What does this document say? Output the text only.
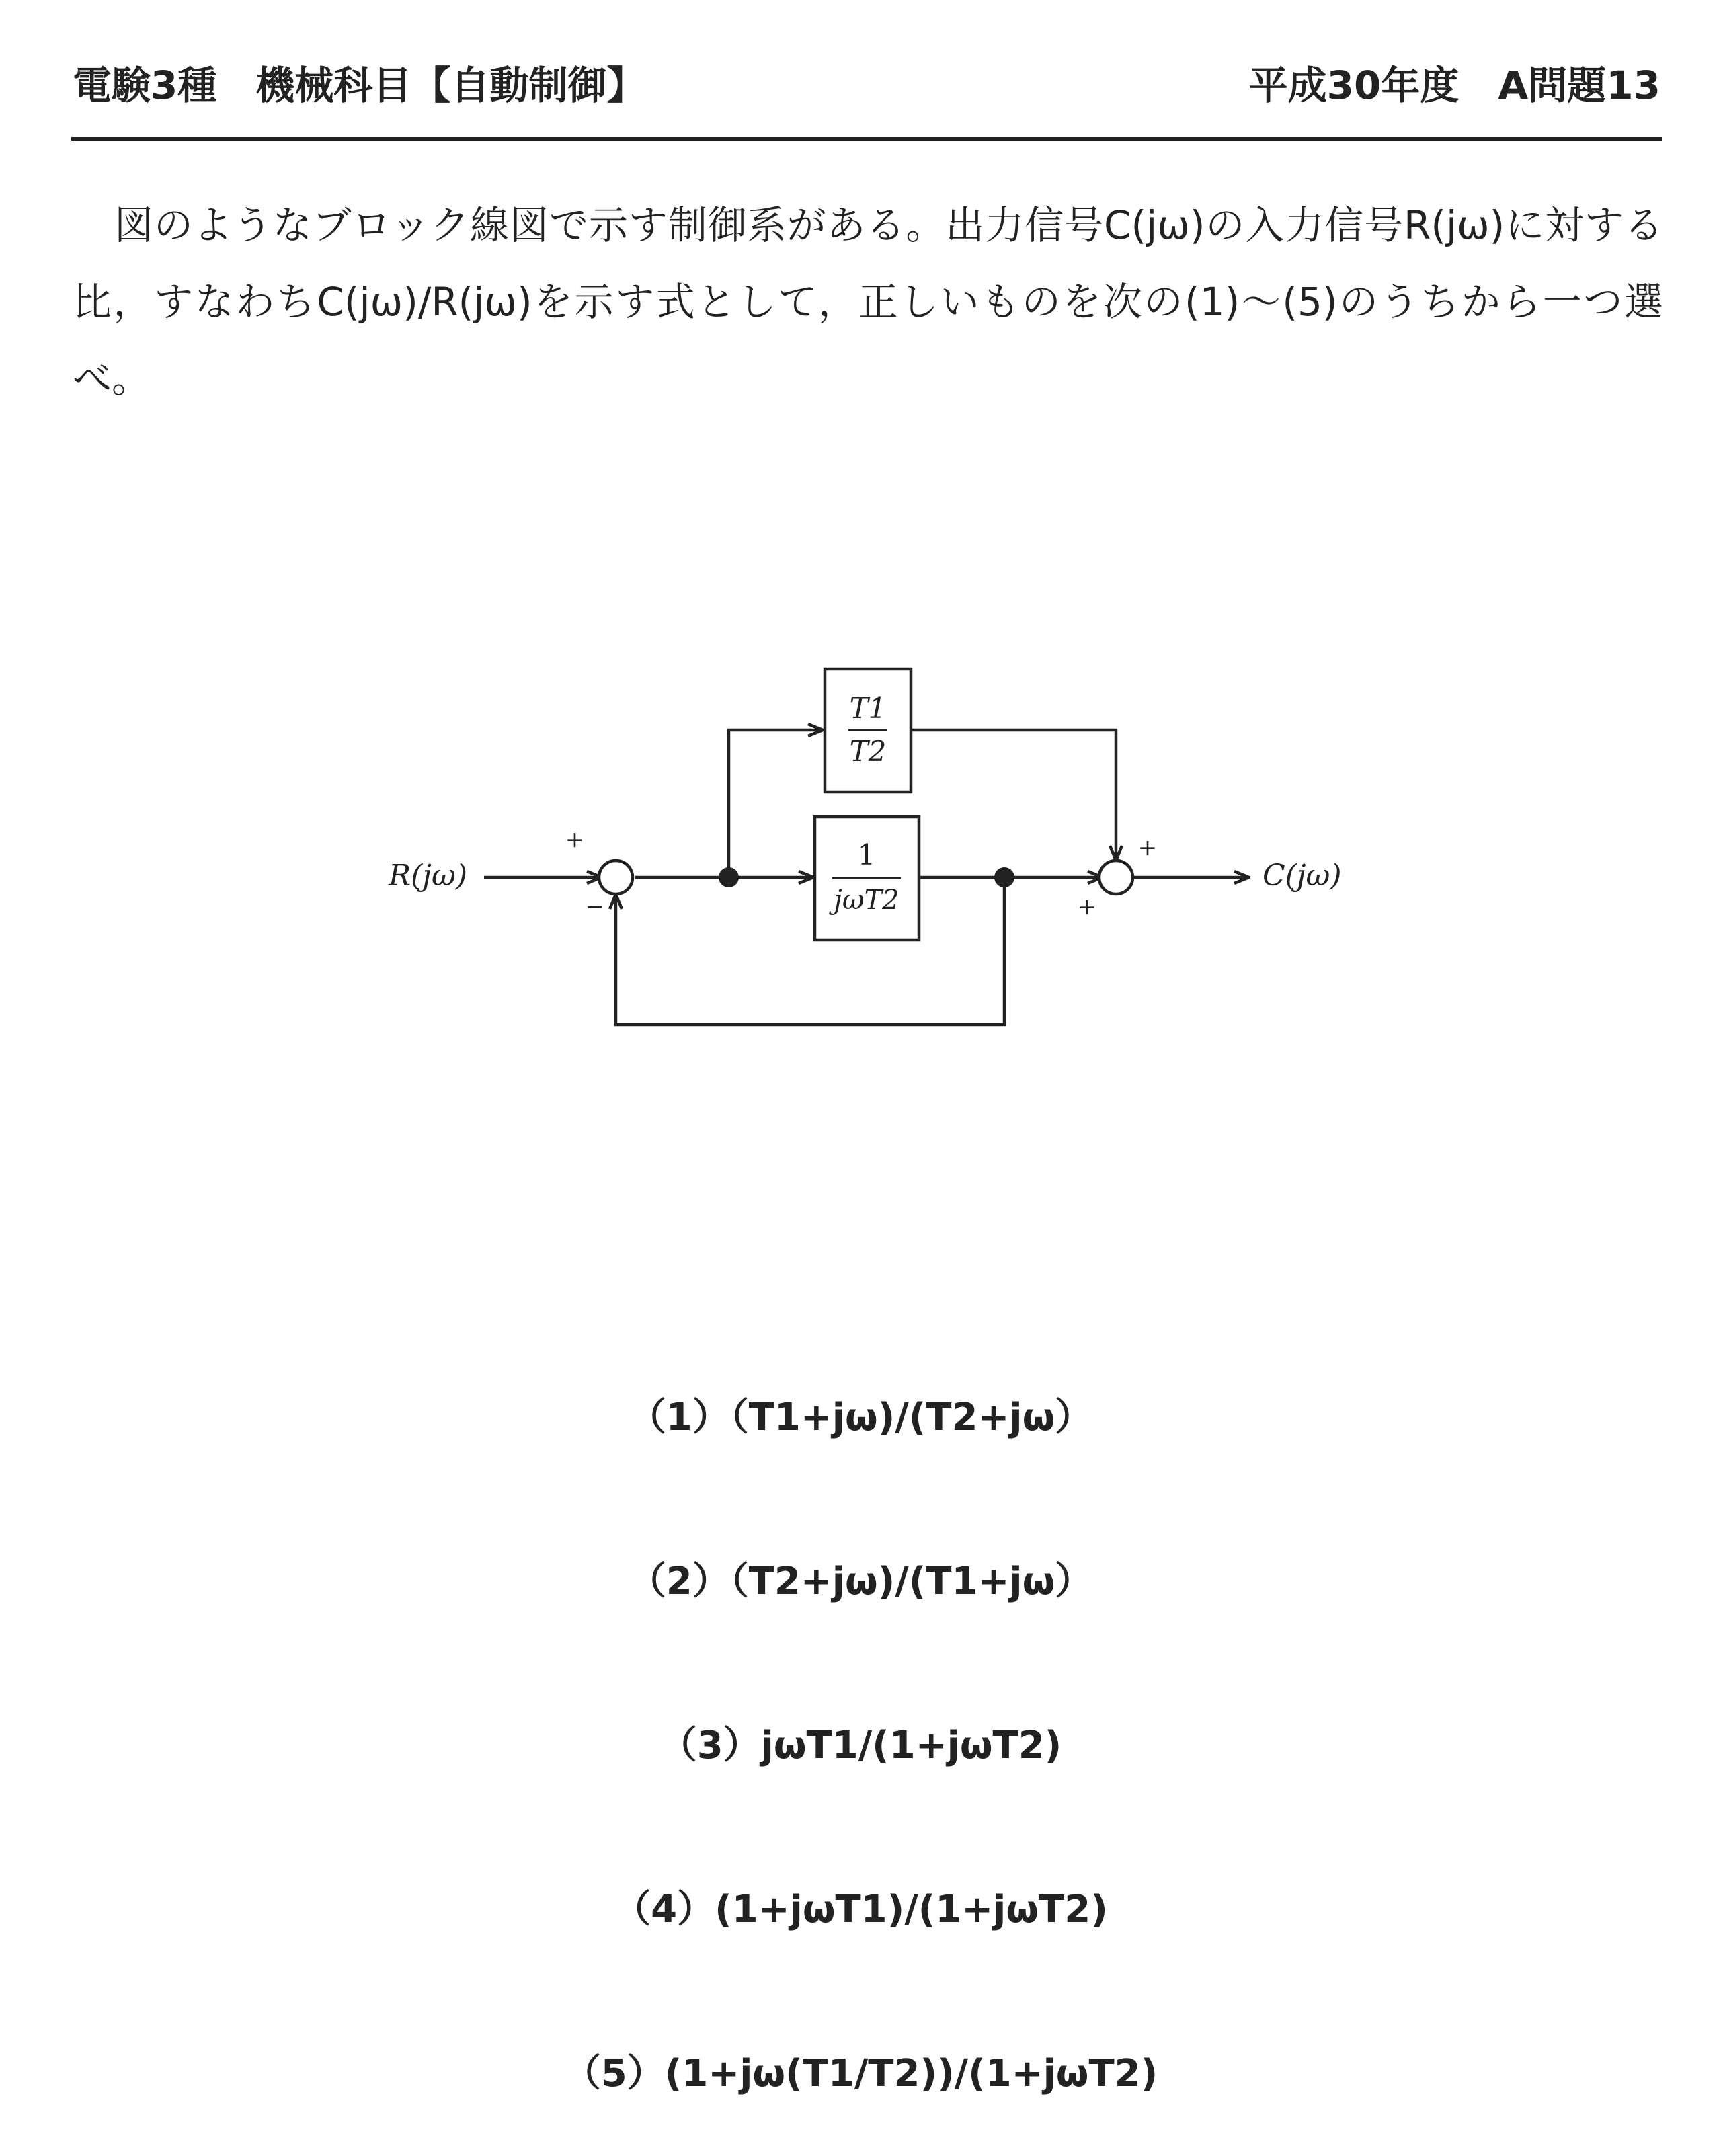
電験3種　機械科目【自動制御】	平成30年度　A問題13
図のようなブロック線図で示す制御系がある。出力信号C(jω)の入力信号R(jω)に対する比，すなわちC(jω)/R(jω)を示す式として，正しいものを次の(1)〜(5)のうちから一つ選べ。
R(jω)	C(jω)
T1
T2
1
jωT2
+
−
+
+

（1）（T1+jω)/(T2+jω）

（2）（T2+jω)/(T1+jω）

（3）jωT1/(1+jωT2)

（4）(1+jωT1)/(1+jωT2)

（5）(1+jω(T1/T2))/(1+jωT2)
